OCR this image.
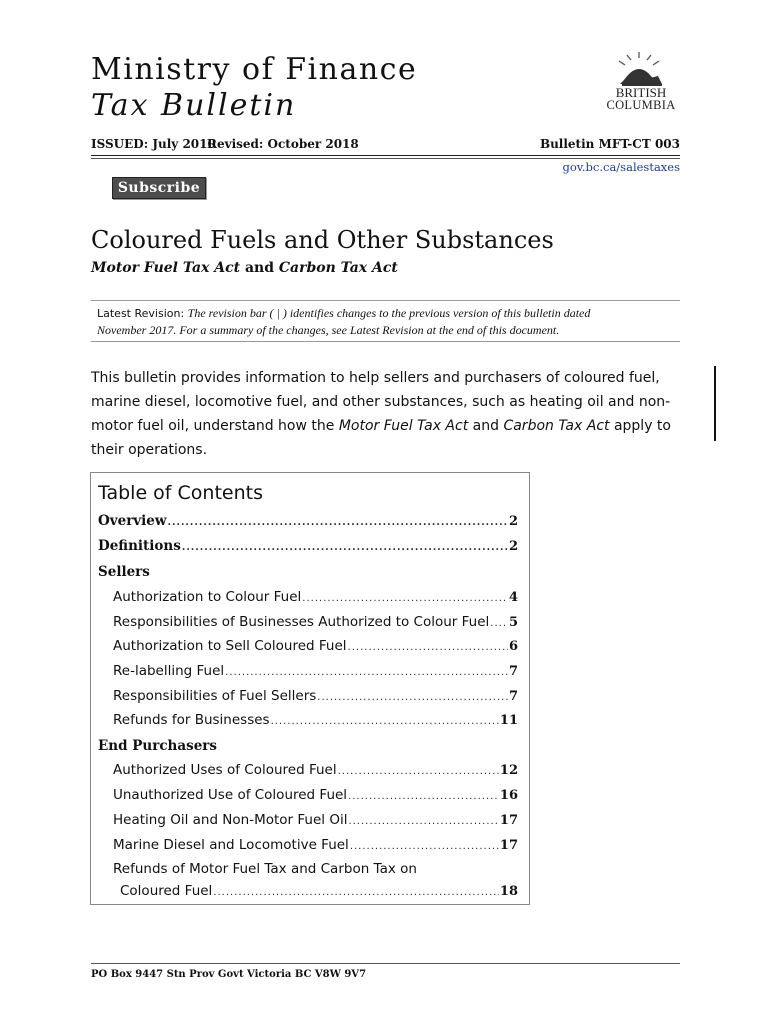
Ministry of Finance
Tax Bulletin	BRITISH
COLUMBIA
ISSUED: July 2010
Revised: October 2018	Bulletin MFT-CT 003
gov.bc.ca/salestaxes
Subscribe
Coloured Fuels and Other Substances
Motor Fuel Tax Act and Carbon Tax Act
Latest Revision: The revision bar ( | ) identifies changes to the previous version of this bulletin dated
November 2017. For a summary of the changes, see Latest Revision at the end of this document.
This bulletin provides information to help sellers and purchasers of coloured fuel, marine diesel, locomotive fuel, and other substances, such as heating oil and non-motor fuel oil, understand how the Motor Fuel Tax Act and Carbon Tax Act apply to their operations.
Table of Contents
Overview .....	2
Definitions .....	2
Sellers
Authorization to Colour Fuel .....	4
Responsibilities of Businesses Authorized to Colour Fuel ..... 5
Authorization to Sell Coloured Fuel .....	6
Re-labelling Fuel .....	7
Responsibilities of Fuel Sellers .....	7
Refunds for Businesses .....	11
End Purchasers
Authorized Uses of Coloured Fuel .....	12
Unauthorized Use of Coloured Fuel .....	16
Heating Oil and Non-Motor Fuel Oil .....	17
Marine Diesel and Locomotive Fuel .....	17
Refunds of Motor Fuel Tax and Carbon Tax on
Coloured Fuel .....	18
PO Box 9447 Stn Prov Govt Victoria BC V8W 9V7
